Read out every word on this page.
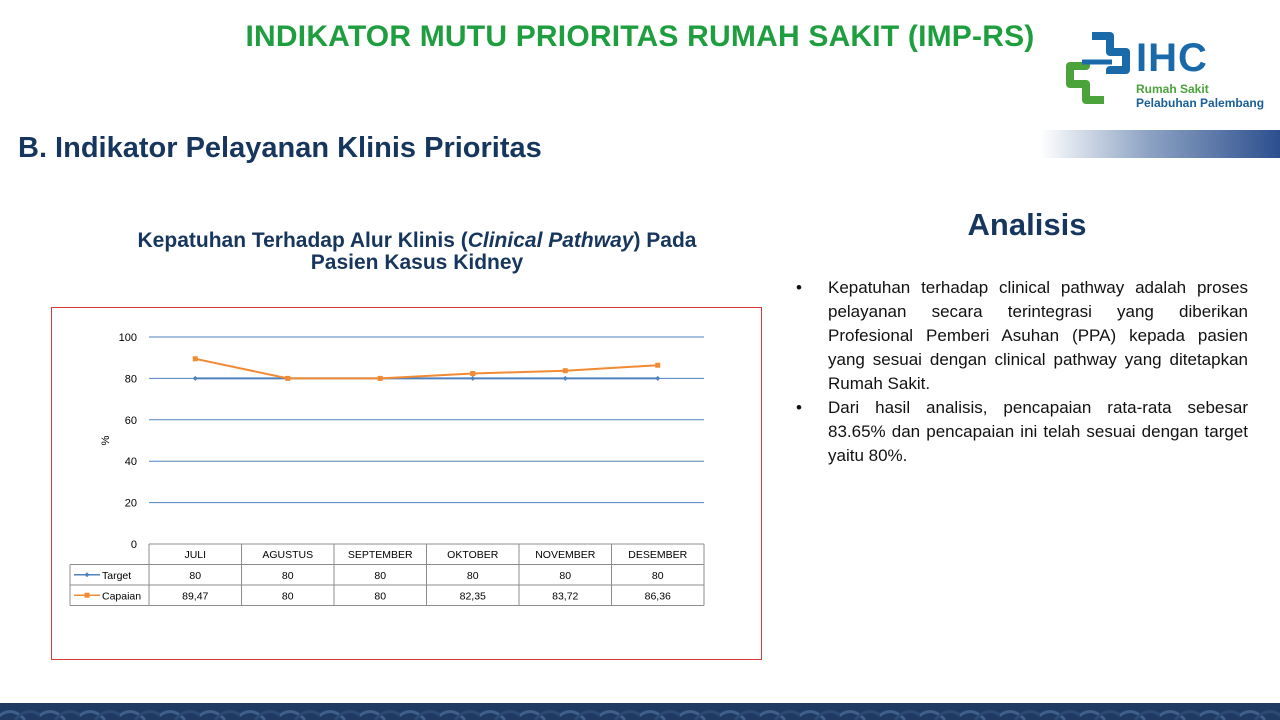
INDIKATOR MUTU PRIORITAS RUMAH SAKIT (IMP-RS)	IHC
Rumah Sakit
Pelabuhan Palembang
B. Indikator Pelayanan Klinis Prioritas
Kepatuhan Terhadap Alur Klinis (Clinical Pathway) Pada
Pasien Kasus Kidney
0
20
40
60
80
100
%
JULI	AGUSTUS	SEPTEMBER	OKTOBER	NOVEMBER	DESEMBER
Target	80	80	80	80	80	80
Capaian	89,47	80	80	82,35	83,72	86,36
Analisis
• Kepatuhan terhadap clinical pathway adalah proses pelayanan secara terintegrasi yang diberikan Profesional Pemberi Asuhan (PPA) kepada pasien yang sesuai dengan clinical pathway yang ditetapkan Rumah Sakit.
• Dari hasil analisis, pencapaian rata-rata sebesar 83.65% dan pencapaian ini telah sesuai dengan target yaitu 80%.
